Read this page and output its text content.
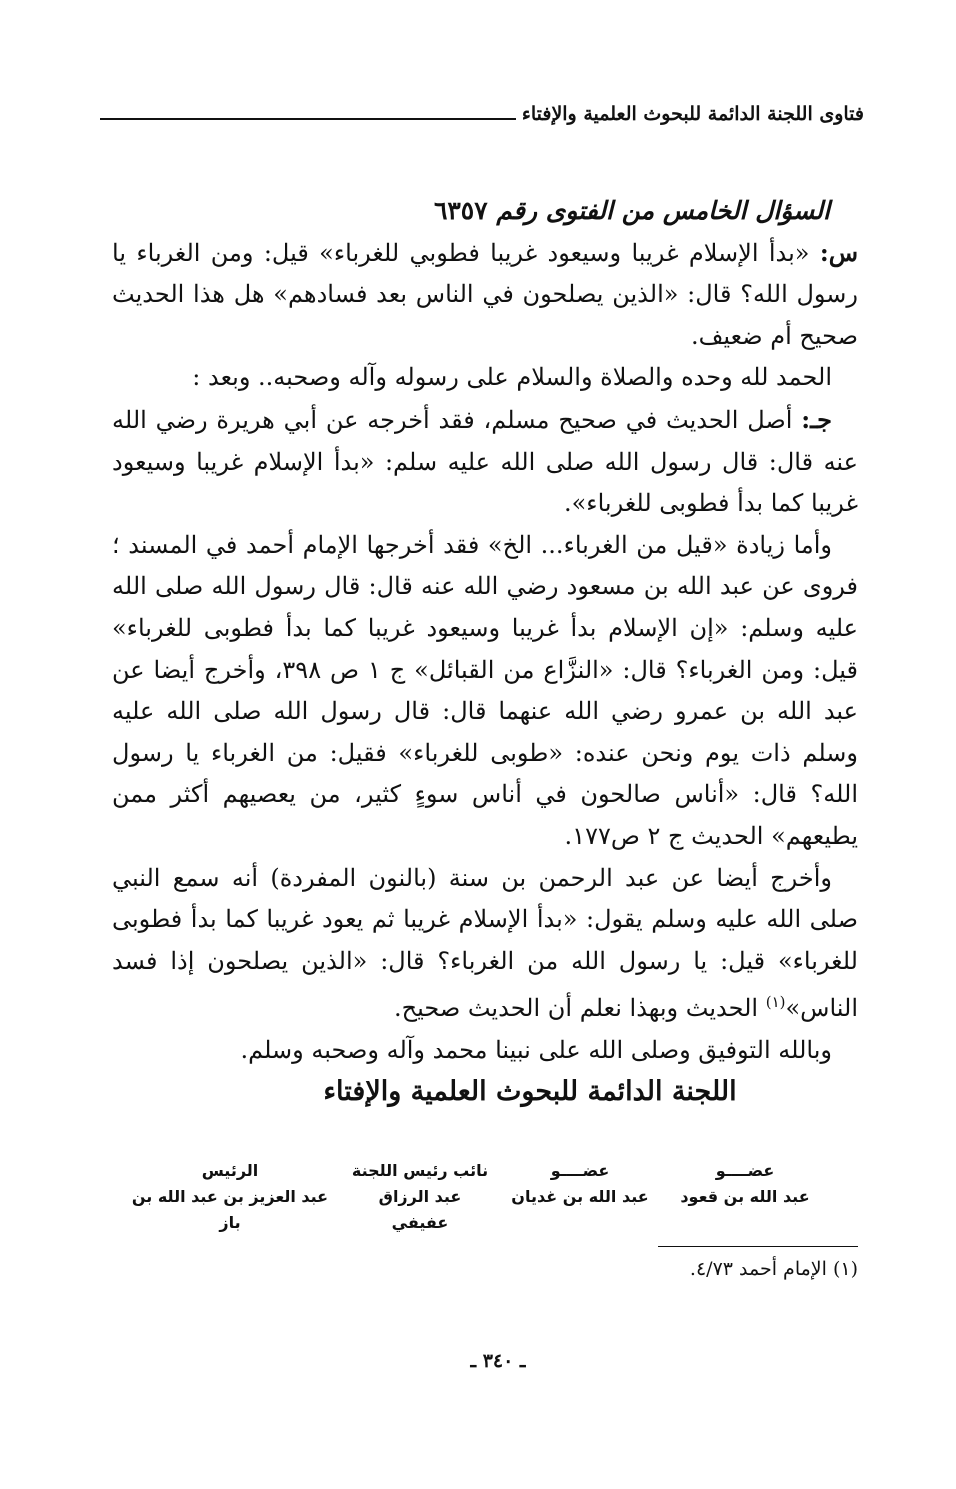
فتاوى اللجنة الدائمة للبحوث العلمية والإفتاء

السؤال الخامس من الفتوى رقم ٦٣٥٧

س: «بدأ الإسلام غريبا وسيعود غريبا فطوبي للغرباء» قيل: ومن الغرباء يا رسول الله؟ قال: «الذين يصلحون في الناس بعد فسادهم» هل هذا الحديث صحيح أم ضعيف.

الحمد لله وحده والصلاة والسلام على رسوله وآله وصحبه.. وبعد :

جـ: أصل الحديث في صحيح مسلم، فقد أخرجه عن أبي هريرة رضي الله عنه قال: قال رسول الله صلى الله عليه سلم: «بدأ الإسلام غريبا وسيعود غريبا كما بدأ فطوبى للغرباء».

وأما زيادة «قيل من الغرباء... الخ» فقد أخرجها الإمام أحمد في المسند ؛ فروى عن عبد الله بن مسعود رضي الله عنه قال: قال رسول الله صلى الله عليه وسلم: «إن الإسلام بدأ غريبا وسيعود غريبا كما بدأ فطوبى للغرباء» قيل: ومن الغرباء؟ قال: «النزَّاع من القبائل» ج ١ ص ٣٩٨، وأخرج أيضا عن عبد الله بن عمرو رضي الله عنهما قال: قال رسول الله صلى الله عليه وسلم ذات يوم ونحن عنده: «طوبى للغرباء» فقيل: من الغرباء يا رسول الله؟ قال: «أناس صالحون في أناس سوءٍ كثير، من يعصيهم أكثر ممن يطيعهم» الحديث ج ٢ ص١٧٧.

وأخرج أيضا عن عبد الرحمن بن سنة (بالنون المفردة) أنه سمع النبي صلى الله عليه وسلم يقول: «بدأ الإسلام غريبا ثم يعود غريبا كما بدأ فطوبى للغرباء» قيل: يا رسول الله من الغرباء؟ قال: «الذين يصلحون إذا فسد الناس»$^{(١)}$ الحديث وبهذا نعلم أن الحديث صحيح.

وبالله التوفيق وصلى الله على نبينا محمد وآله وصحبه وسلم.

اللجنة الدائمة للبحوث العلمية والإفتاء

عضــــو
عبد الله بن قعود
عضــــو
عبد الله بن غديان
نائب رئيس اللجنة
عبد الرزاق عفيفي
الرئيس
عبد العزيز بن عبد الله بن باز
(١) الإمام أحمد ٤/٧٣.
ـ ٣٤٠ ـ
